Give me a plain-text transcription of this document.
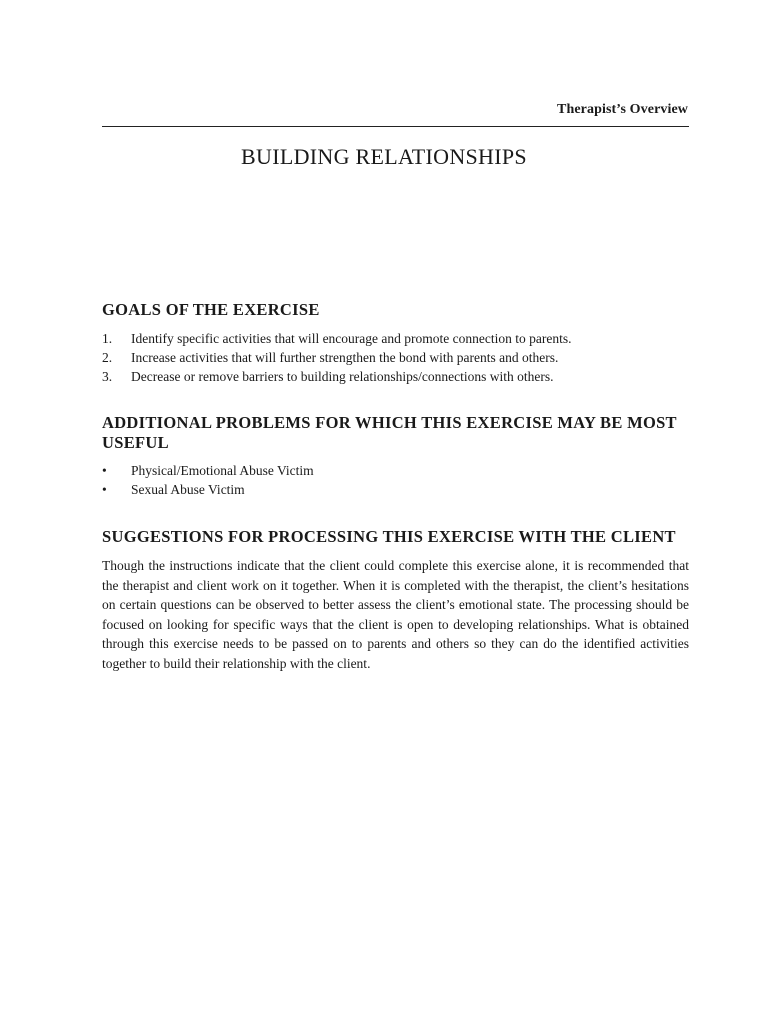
Therapist’s Overview
BUILDING RELATIONSHIPS
GOALS OF THE EXERCISE
1.	Identify specific activities that will encourage and promote connection to parents.
2.	Increase activities that will further strengthen the bond with parents and others.
3.	Decrease or remove barriers to building relationships/connections with others.
ADDITIONAL PROBLEMS FOR WHICH THIS EXERCISE MAY BE MOST USEFUL
•	Physical/Emotional Abuse Victim
•	Sexual Abuse Victim
SUGGESTIONS FOR PROCESSING THIS EXERCISE WITH THE CLIENT

Though the instructions indicate that the client could complete this exercise alone, it is recommended that the therapist and client work on it together. When it is completed with the therapist, the client’s hesitations on certain questions can be observed to better assess the client’s emotional state. The processing should be focused on looking for specific ways that the client is open to developing relationships. What is obtained through this exercise needs to be passed on to parents and others so they can do the identified activities together to build their relationship with the client.
